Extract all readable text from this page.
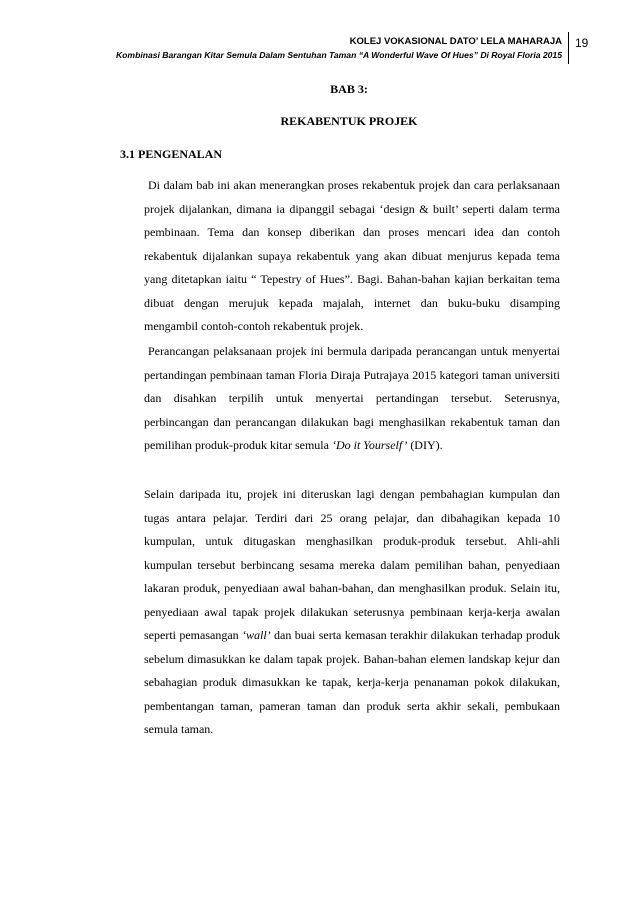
KOLEJ VOKASIONAL DATO’ LELA MAHARAJA
Kombinasi Barangan Kitar Semula Dalam Sentuhan Taman “A Wonderful Wave Of Hues” Di Royal Floria 2015
19
BAB 3:
REKABENTUK PROJEK
3.1 PENGENALAN

Di dalam bab ini akan menerangkan proses rekabentuk projek dan cara perlaksanaan projek dijalankan, dimana ia dipanggil sebagai ‘design & built’ seperti dalam terma pembinaan. Tema dan konsep diberikan dan proses mencari idea dan contoh rekabentuk dijalankan supaya rekabentuk yang akan dibuat menjurus kepada tema yang ditetapkan iaitu “ Tepestry of Hues”. Bagi. Bahan-bahan kajian berkaitan tema dibuat dengan merujuk kepada majalah, internet dan buku-buku disamping mengambil contoh-contoh rekabentuk projek.

Perancangan pelaksanaan projek ini bermula daripada perancangan untuk menyertai pertandingan pembinaan taman Floria Diraja Putrajaya 2015 kategori taman universiti dan disahkan terpilih untuk menyertai pertandingan tersebut. Seterusnya, perbincangan dan perancangan dilakukan bagi menghasilkan rekabentuk taman dan pemilihan produk-produk kitar semula ‘Do it Yourself’ (DIY).

Selain daripada itu, projek ini diteruskan lagi dengan pembahagian kumpulan dan tugas antara pelajar. Terdiri dari 25 orang pelajar, dan dibahagikan kepada 10 kumpulan, untuk ditugaskan menghasilkan produk-produk tersebut. Ahli-ahli kumpulan tersebut berbincang sesama mereka dalam pemilihan bahan, penyediaan lakaran produk, penyediaan awal bahan-bahan, dan menghasilkan produk. Selain itu, penyediaan awal tapak projek dilakukan seterusnya pembinaan kerja-kerja awalan seperti pemasangan ‘wall’ dan buai serta kemasan terakhir dilakukan terhadap produk sebelum dimasukkan ke dalam tapak projek. Bahan-bahan elemen landskap kejur dan sebahagian produk dimasukkan ke tapak, kerja-kerja penanaman pokok dilakukan, pembentangan taman, pameran taman dan produk serta akhir sekali, pembukaan semula taman.
